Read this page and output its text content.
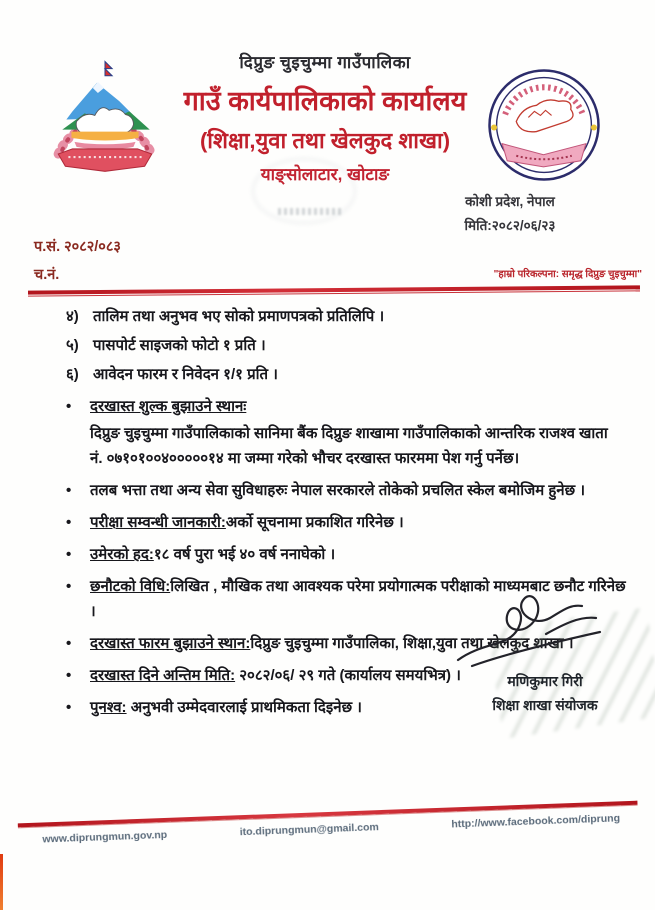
दिप्रुङ चुइचुम्मा गाउँपालिका
गाउँ कार्यपालिकाको कार्यालय
(शिक्षा,युवा तथा खेलकुद शाखा)
याङ्सोलाटार, खोटाङ
कोशी प्रदेश, नेपाल
मिति:२०८२/०६/२३
प.सं. २०८२/०८३
च.नं.	"हाम्रो परिकल्पना: समृद्ध दिप्रुङ चुइचुम्मा"
४) तालिम तथा अनुभव भए सोको प्रमाणपत्रको प्रतिलिपि ।
५) पासपोर्ट साइजको फोटो १ प्रति ।
६) आवेदन फारम र निवेदन १/१ प्रति ।
•	दरखास्त शुल्क बुझाउने स्थानः
दिप्रुङ चुइचुम्मा गाउँपालिकाको सानिमा बैंक दिप्रुङ शाखामा गाउँपालिकाको आन्तरिक राजश्व खाता नं. ०७१०१००४०००००१४ मा जम्मा गरेको भौचर दरखास्त फारममा पेश गर्नु पर्नेछ।
•	तलब भत्ता तथा अन्य सेवा सुविधाहरुः नेपाल सरकारले तोकेको प्रचलित स्केल बमोजिम हुनेछ ।
•	परीक्षा सम्वन्धी जानकारी:अर्को सूचनामा प्रकाशित गरिनेछ ।
•	उमेरको हद:१८ वर्ष पुरा भई ४० वर्ष ननाघेको ।
•	छनौटको विधि:लिखित , मौखिक तथा आवश्यक परेमा प्रयोगात्मक परीक्षाको माध्यमबाट छनौट गरिनेछ ।
•	दरखास्त फारम बुझाउने स्थान:दिप्रुङ चुइचुम्मा गाउँपालिका, शिक्षा,युवा तथा खेलकुद शाखा ।
•	दरखास्त दिने अन्तिम मिति: २०८२/०६/ २९ गते (कार्यालय समयभित्र) ।
•	पुनश्व: अनुभवी उम्मेदवारलाई प्राथमिकता दिइनेछ ।
मणिकुमार गिरी
शिक्षा शाखा संयोजक
www.diprungmun.gov.np	ito.diprungmun@gmail.com	http://www.facebook.com/diprung
